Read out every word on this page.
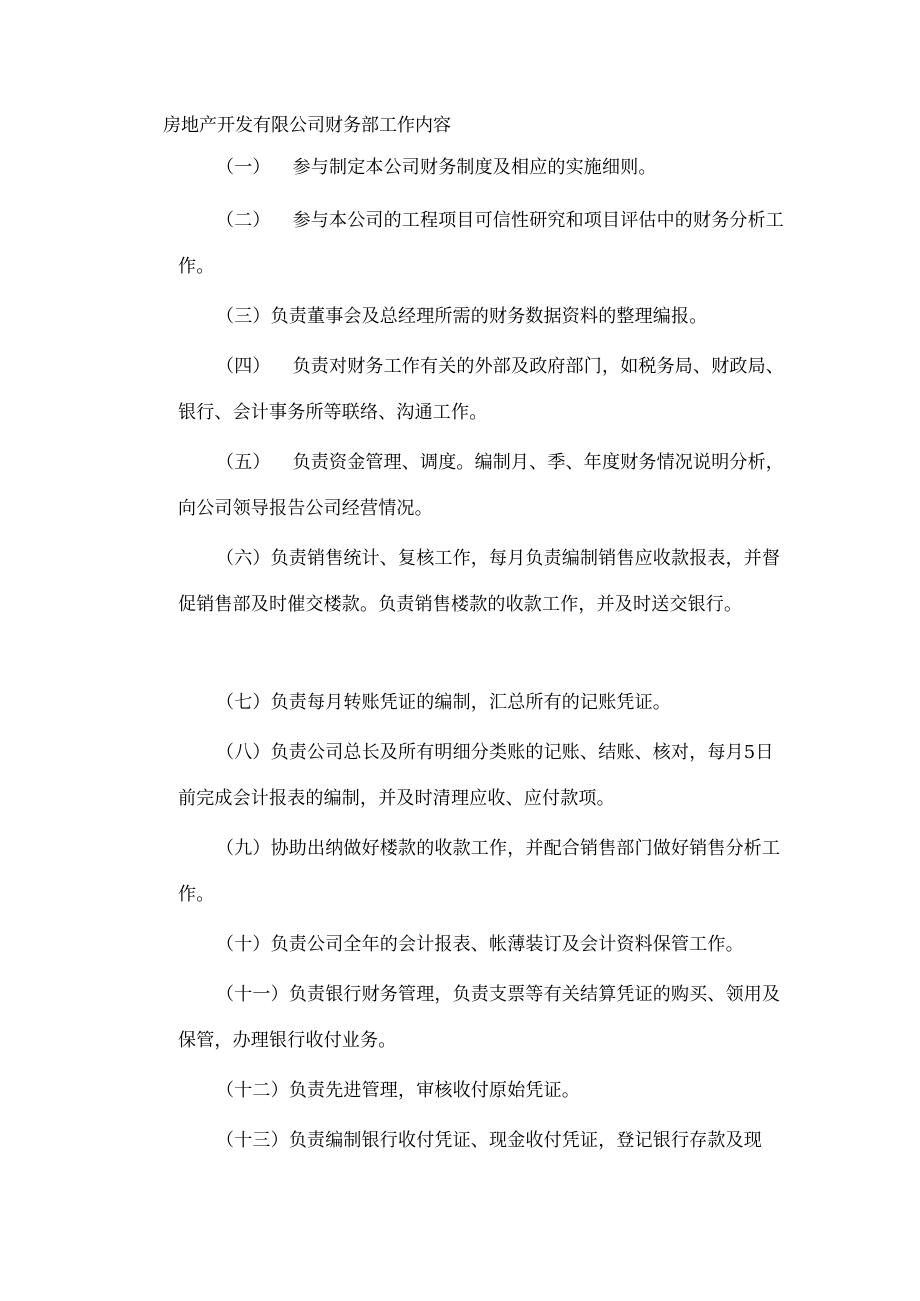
房地产开发有限公司财务部工作内容

（一） 参与制定本公司财务制度及相应的实施细则。

（二） 参与本公司的工程项目可信性研究和项目评估中的财务分析工作。

（三）负责董事会及总经理所需的财务数据资料的整理编报。

（四） 负责对财务工作有关的外部及政府部门，如税务局、财政局、银行、会计事务所等联络、沟通工作。

（五） 负责资金管理、调度。编制月、季、年度财务情况说明分析，向公司领导报告公司经营情况。

（六）负责销售统计、复核工作，每月负责编制销售应收款报表，并督促销售部及时催交楼款。负责销售楼款的收款工作，并及时送交银行。

（七）负责每月转账凭证的编制，汇总所有的记账凭证。

（八）负责公司总长及所有明细分类账的记账、结账、核对，每月5日前完成会计报表的编制，并及时清理应收、应付款项。

（九）协助出纳做好楼款的收款工作，并配合销售部门做好销售分析工作。

（十）负责公司全年的会计报表、帐薄装订及会计资料保管工作。

（十一）负责银行财务管理，负责支票等有关结算凭证的购买、领用及保管，办理银行收付业务。

（十二）负责先进管理，审核收付原始凭证。

（十三）负责编制银行收付凭证、现金收付凭证，登记银行存款及现
